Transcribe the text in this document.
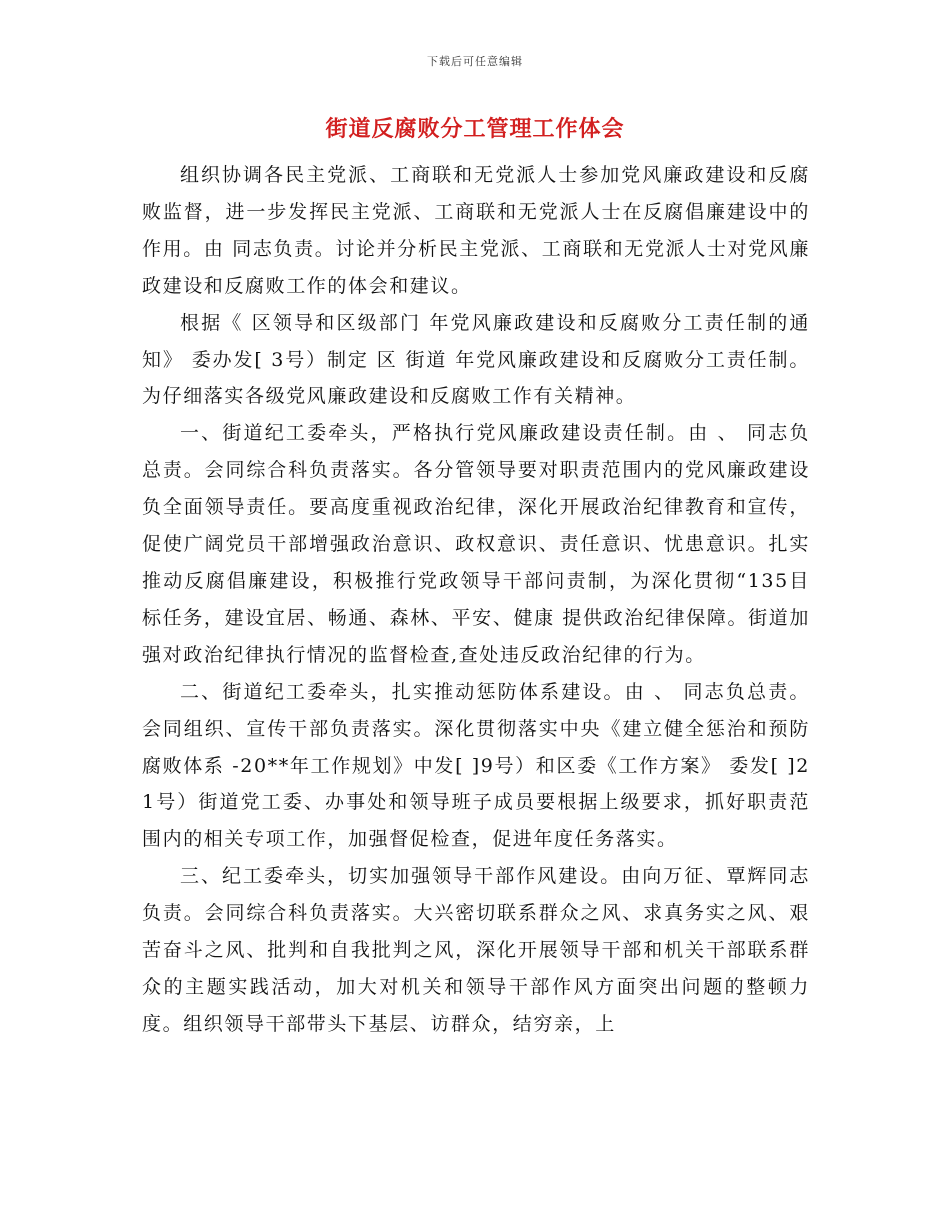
下载后可任意编辑
街道反腐败分工管理工作体会

组织协调各民主党派、工商联和无党派人士参加党风廉政建设和反腐败监督，进一步发挥民主党派、工商联和无党派人士在反腐倡廉建设中的作用。由 同志负责。讨论并分析民主党派、工商联和无党派人士对党风廉政建设和反腐败工作的体会和建议。

根据《 区领导和区级部门 年党风廉政建设和反腐败分工责任制的通知》 委办发[ 3号）制定 区 街道 年党风廉政建设和反腐败分工责任制。为仔细落实各级党风廉政建设和反腐败工作有关精神。

一、街道纪工委牵头，严格执行党风廉政建设责任制。由 、 同志负总责。会同综合科负责落实。各分管领导要对职责范围内的党风廉政建设负全面领导责任。要高度重视政治纪律，深化开展政治纪律教育和宣传，促使广阔党员干部增强政治意识、政权意识、责任意识、忧患意识。扎实推动反腐倡廉建设，积极推行党政领导干部问责制，为深化贯彻“135目标任务，建设宜居、畅通、森林、平安、健康 提供政治纪律保障。街道加强对政治纪律执行情况的监督检查,查处违反政治纪律的行为。

二、街道纪工委牵头，扎实推动惩防体系建设。由 、 同志负总责。会同组织、宣传干部负责落实。深化贯彻落实中央《建立健全惩治和预防腐败体系 -20**年工作规划》中发[ ]9号）和区委《工作方案》 委发[ ]21号）街道党工委、办事处和领导班子成员要根据上级要求，抓好职责范围内的相关专项工作，加强督促检查，促进年度任务落实。

三、纪工委牵头，切实加强领导干部作风建设。由向万征、覃辉同志负责。会同综合科负责落实。大兴密切联系群众之风、求真务实之风、艰苦奋斗之风、批判和自我批判之风，深化开展领导干部和机关干部联系群众的主题实践活动，加大对机关和领导干部作风方面突出问题的整顿力度。组织领导干部带头下基层、访群众，结穷亲，上
